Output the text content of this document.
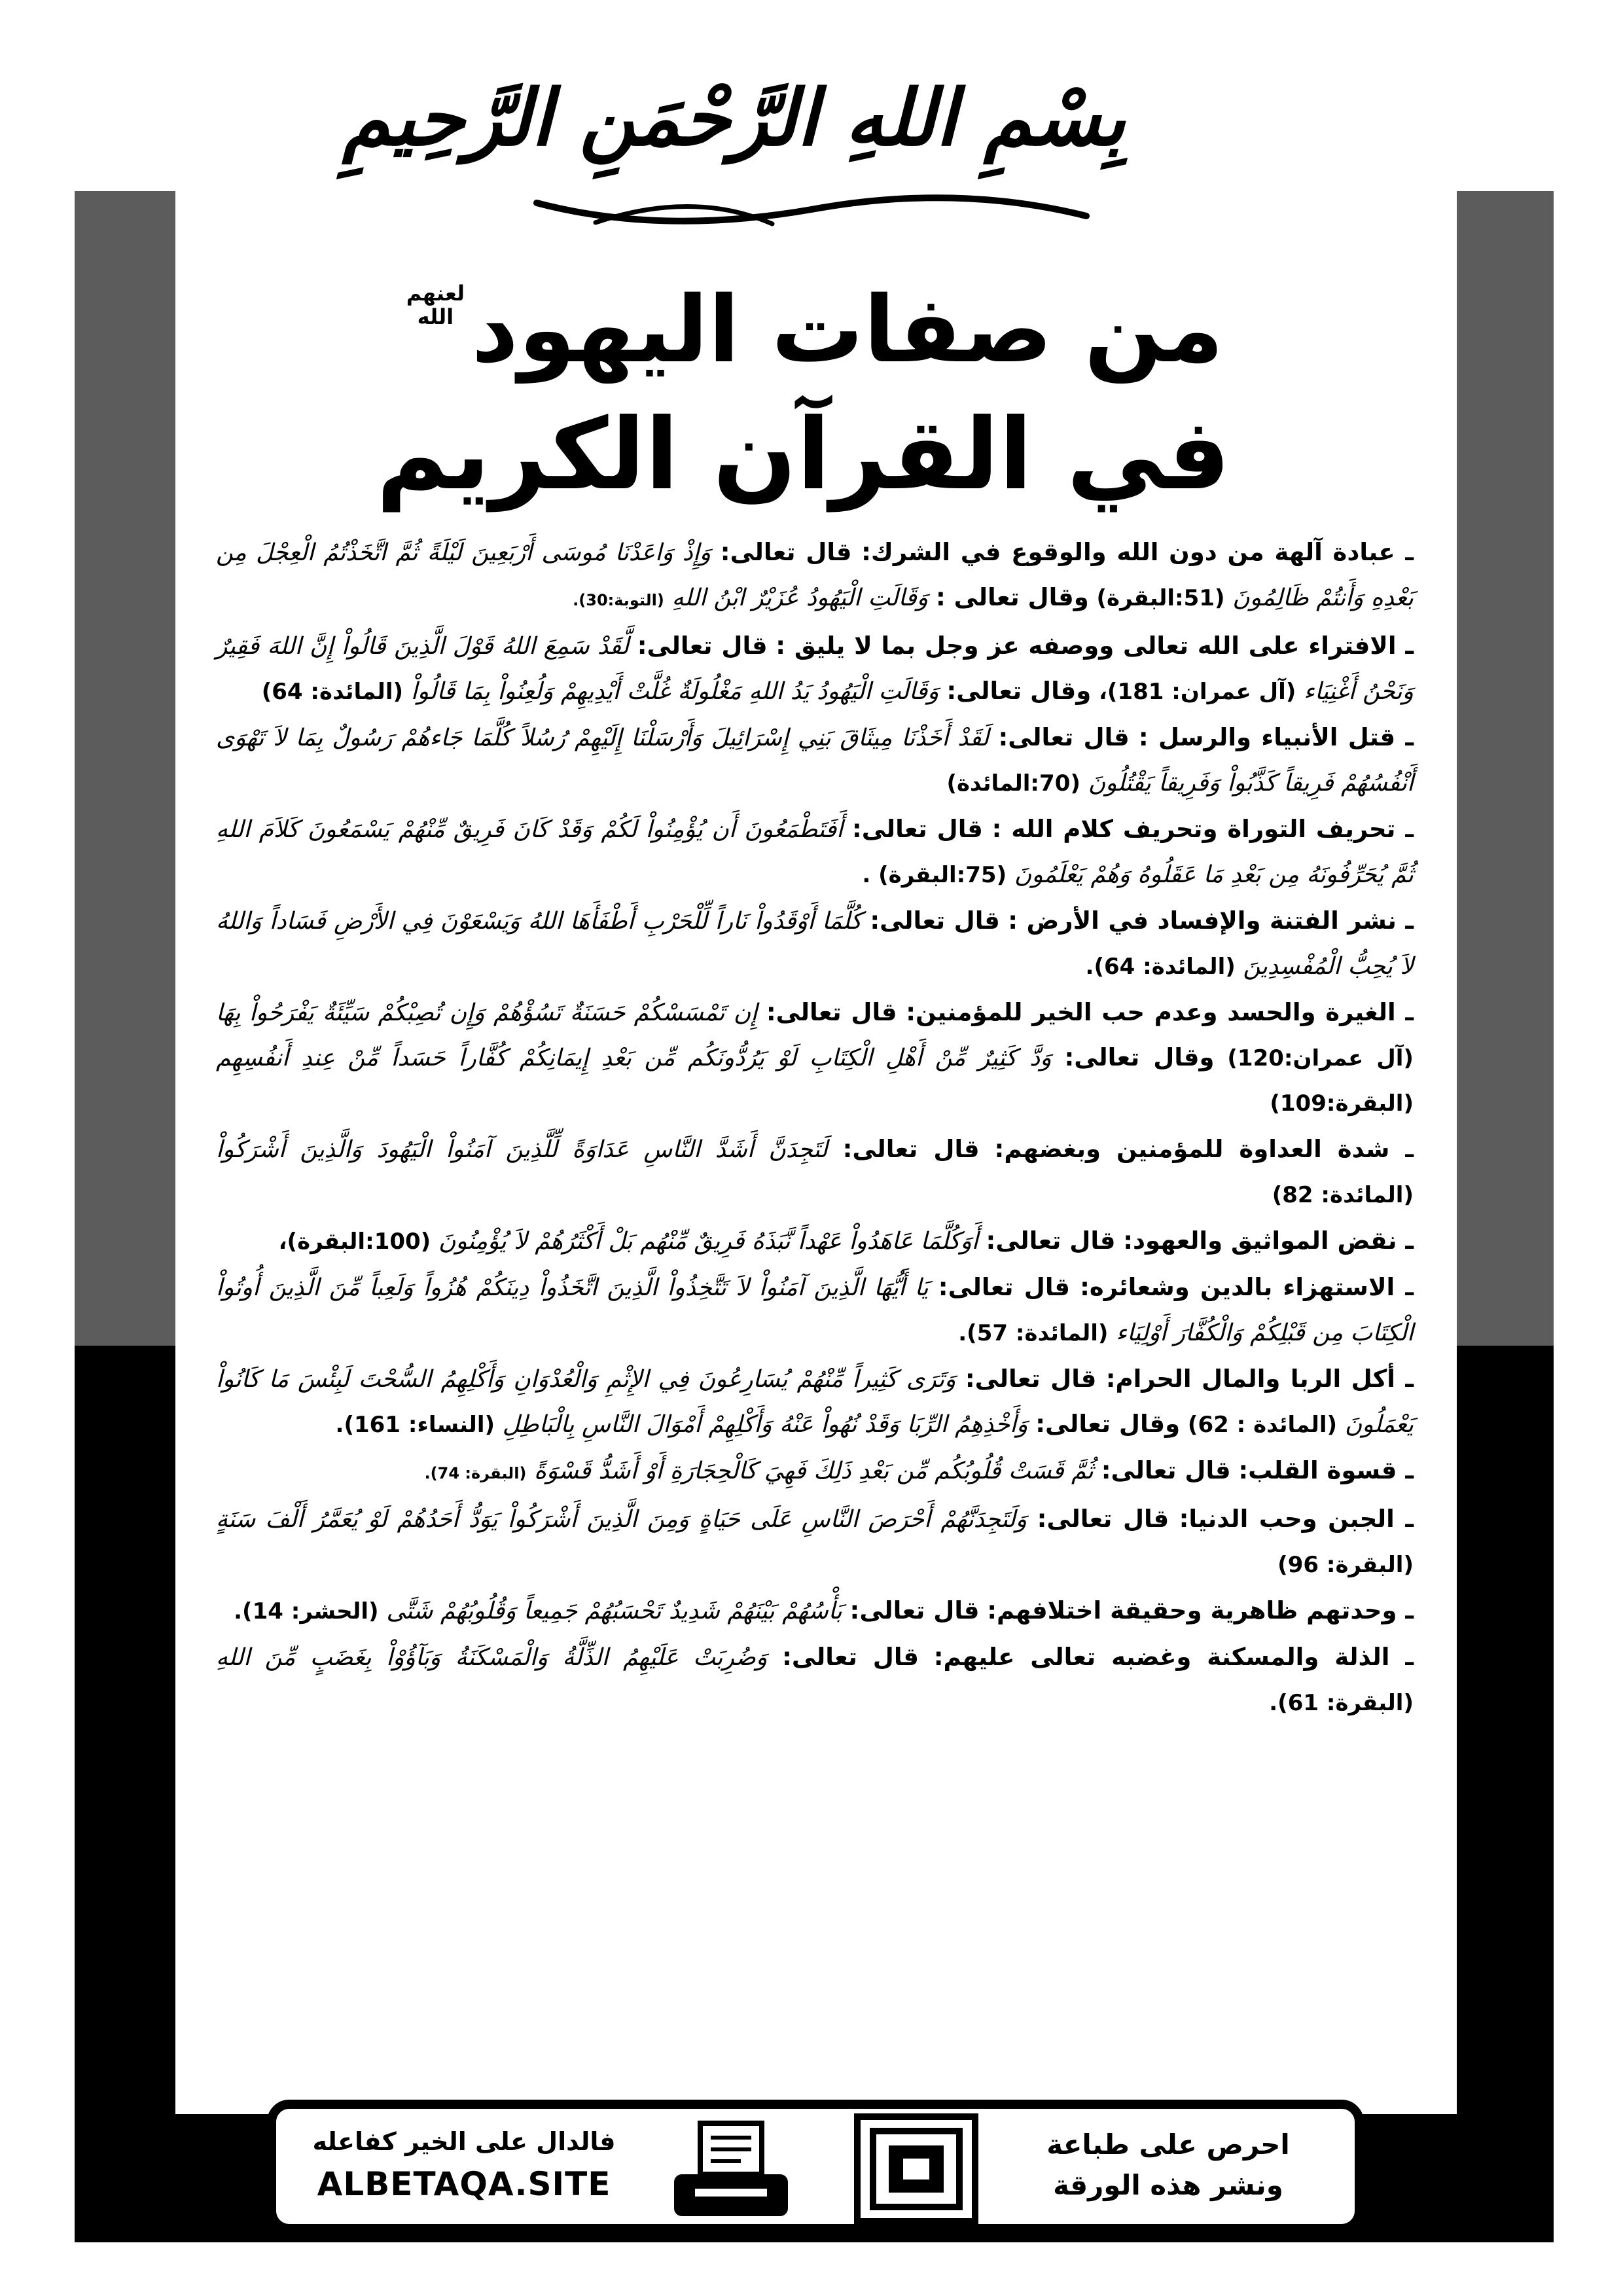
بِسْمِ اللهِ الرَّحْمَنِ الرَّحِيمِ
من صفات اليهود
لعنهم
الله
في القرآن الكريم

ـ عبادة آلهة من دون الله والوقوع في الشرك: قال تعالى: وَإِذْ وَاعَدْنَا مُوسَى أَرْبَعِينَ لَيْلَةً ثُمَّ اتَّخَذْتُمُ الْعِجْلَ مِن بَعْدِهِ وَأَنتُمْ ظَالِمُونَ (51:البقرة) وقال تعالى : وَقَالَتِ الْيَهُودُ عُزَيْرٌ ابْنُ اللهِ (التوبة:30).

ـ الافتراء على الله تعالى ووصفه عز وجل بما لا يليق : قال تعالى: لَّقَدْ سَمِعَ اللهُ قَوْلَ الَّذِينَ قَالُواْ إِنَّ اللهَ فَقِيرٌ وَنَحْنُ أَغْنِيَاء (آل عمران: 181)، وقال تعالى: وَقَالَتِ الْيَهُودُ يَدُ اللهِ مَغْلُولَةٌ غُلَّتْ أَيْدِيهِمْ وَلُعِنُواْ بِمَا قَالُواْ (المائدة: 64)

ـ قتل الأنبياء والرسل : قال تعالى: لَقَدْ أَخَذْنَا مِيثَاقَ بَنِي إِسْرَائِيلَ وَأَرْسَلْنَا إِلَيْهِمْ رُسُلاً كُلَّمَا جَاءهُمْ رَسُولٌ بِمَا لاَ تَهْوَى أَنْفُسُهُمْ فَرِيقاً كَذَّبُواْ وَفَرِيقاً يَقْتُلُونَ (70:المائدة)

ـ تحريف التوراة وتحريف كلام الله : قال تعالى: أَفَتَطْمَعُونَ أَن يُؤْمِنُواْ لَكُمْ وَقَدْ كَانَ فَرِيقٌ مِّنْهُمْ يَسْمَعُونَ كَلاَمَ اللهِ ثُمَّ يُحَرِّفُونَهُ مِن بَعْدِ مَا عَقَلُوهُ وَهُمْ يَعْلَمُونَ (75:البقرة) .

ـ نشر الفتنة والإفساد في الأرض : قال تعالى: كُلَّمَا أَوْقَدُواْ نَاراً لِّلْحَرْبِ أَطْفَأَهَا اللهُ وَيَسْعَوْنَ فِي الأَرْضِ فَسَاداً وَاللهُ لاَ يُحِبُّ الْمُفْسِدِينَ (المائدة: 64).

ـ الغيرة والحسد وعدم حب الخير للمؤمنين: قال تعالى: إِن تَمْسَسْكُمْ حَسَنَةٌ تَسُؤْهُمْ وَإِن تُصِبْكُمْ سَيِّئَةٌ يَفْرَحُواْ بِهَا (آل عمران:120) وقال تعالى: وَدَّ كَثِيرٌ مِّنْ أَهْلِ الْكِتَابِ لَوْ يَرُدُّونَكُم مِّن بَعْدِ إِيمَانِكُمْ كُفَّاراً حَسَداً مِّنْ عِندِ أَنفُسِهِم (البقرة:109)

ـ شدة العداوة للمؤمنين وبغضهم: قال تعالى: لَتَجِدَنَّ أَشَدَّ النَّاسِ عَدَاوَةً لِّلَّذِينَ آمَنُواْ الْيَهُودَ وَالَّذِينَ أَشْرَكُواْ (المائدة: 82)

ـ نقض المواثيق والعهود: قال تعالى: أَوَكُلَّمَا عَاهَدُواْ عَهْداً نَّبَذَهُ فَرِيقٌ مِّنْهُم بَلْ أَكْثَرُهُمْ لاَ يُؤْمِنُونَ (100:البقرة)،

ـ الاستهزاء بالدين وشعائره: قال تعالى: يَا أَيُّهَا الَّذِينَ آمَنُواْ لاَ تَتَّخِذُواْ الَّذِينَ اتَّخَذُواْ دِينَكُمْ هُزُواً وَلَعِباً مِّنَ الَّذِينَ أُوتُواْ الْكِتَابَ مِن قَبْلِكُمْ وَالْكُفَّارَ أَوْلِيَاء (المائدة: 57).

ـ أكل الربا والمال الحرام: قال تعالى: وَتَرَى كَثِيراً مِّنْهُمْ يُسَارِعُونَ فِي الإِثْمِ وَالْعُدْوَانِ وَأَكْلِهِمُ السُّحْتَ لَبِئْسَ مَا كَانُواْ يَعْمَلُونَ (المائدة : 62) وقال تعالى: وَأَخْذِهِمُ الرِّبَا وَقَدْ نُهُواْ عَنْهُ وَأَكْلِهِمْ أَمْوَالَ النَّاسِ بِالْبَاطِلِ (النساء: 161).

ـ قسوة القلب: قال تعالى: ثُمَّ قَسَتْ قُلُوبُكُم مِّن بَعْدِ ذَلِكَ فَهِيَ كَالْحِجَارَةِ أَوْ أَشَدُّ قَسْوَةً (البقرة: 74).

ـ الجبن وحب الدنيا: قال تعالى: وَلَتَجِدَنَّهُمْ أَحْرَصَ النَّاسِ عَلَى حَيَاةٍ وَمِنَ الَّذِينَ أَشْرَكُواْ يَوَدُّ أَحَدُهُمْ لَوْ يُعَمَّرُ أَلْفَ سَنَةٍ (البقرة: 96)

ـ وحدتهم ظاهرية وحقيقة اختلافهم: قال تعالى: بَأْسُهُمْ بَيْنَهُمْ شَدِيدٌ تَحْسَبُهُمْ جَمِيعاً وَقُلُوبُهُمْ شَتَّى (الحشر: 14).

ـ الذلة والمسكنة وغضبه تعالى عليهم: قال تعالى: وَضُرِبَتْ عَلَيْهِمُ الذِّلَّةُ وَالْمَسْكَنَةُ وَبَآؤُوْاْ بِغَضَبٍ مِّنَ اللهِ (البقرة: 61).

فالدال على الخير كفاعله
ALBETAQA.SITE
دعوة الورقة	احرص على طباعة
ونشر هذه الورقة
